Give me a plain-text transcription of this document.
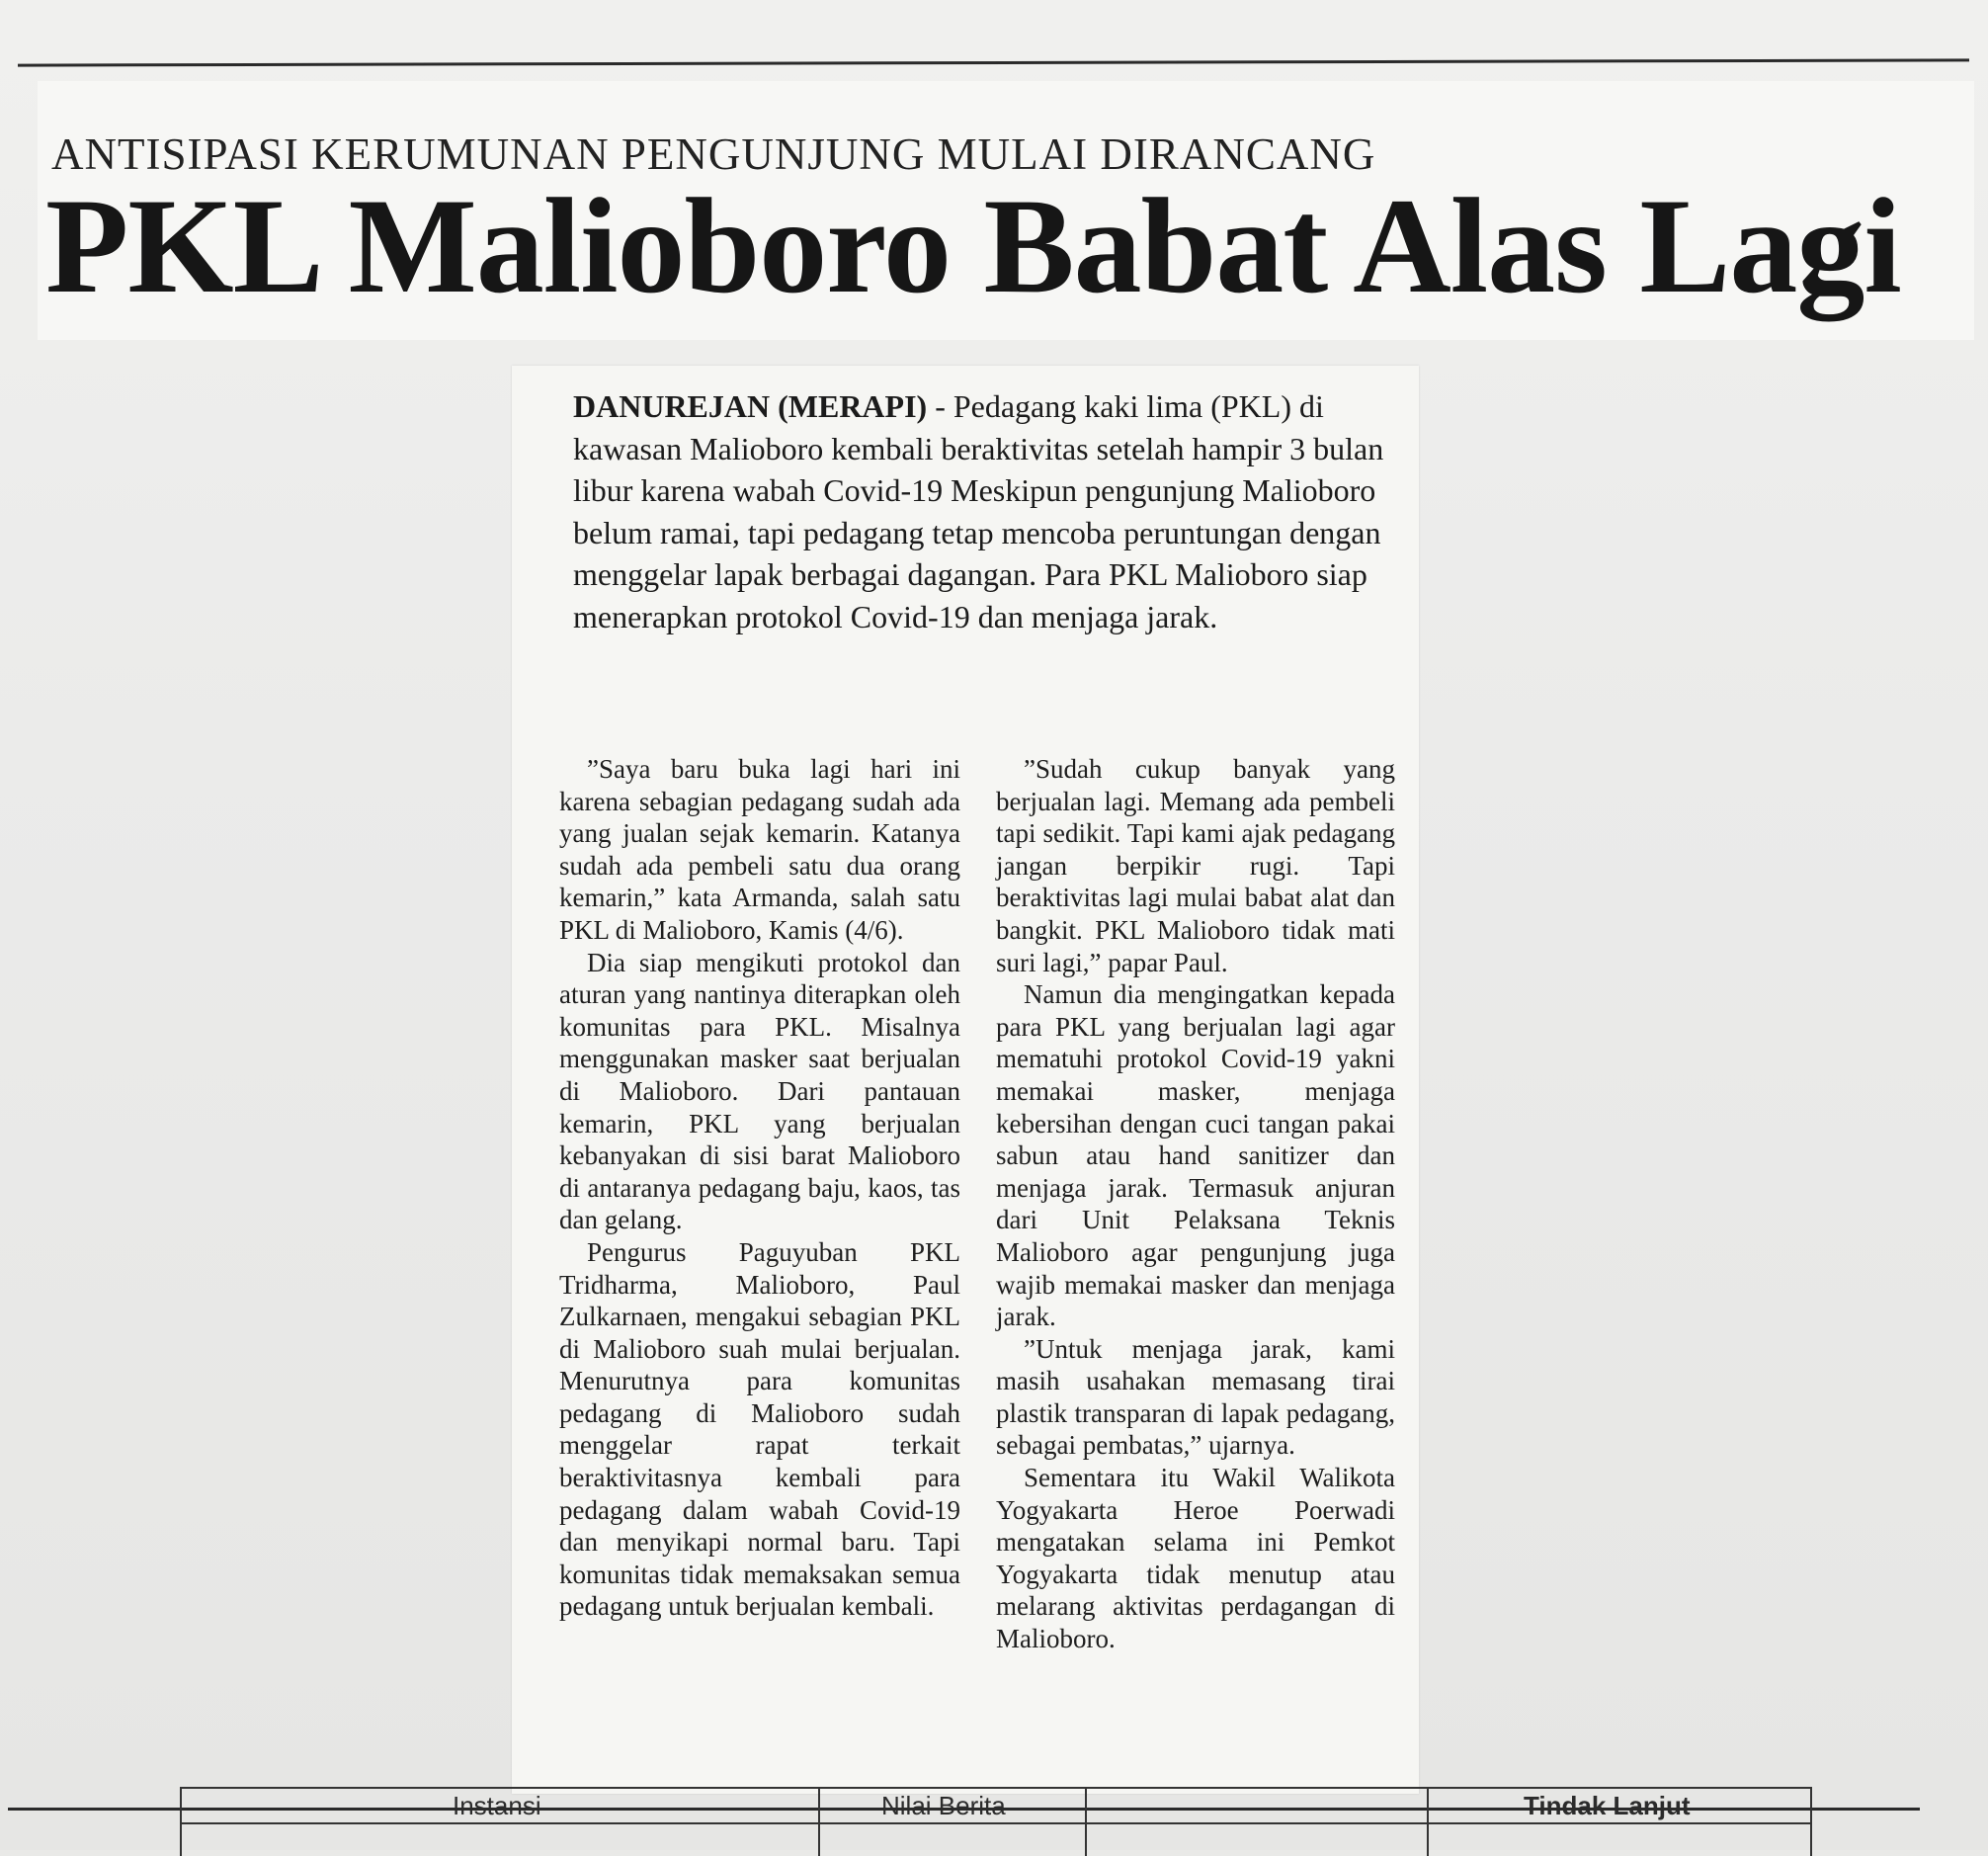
ANTISIPASI KERUMUNAN PENGUNJUNG MULAI DIRANCANG
PKL Malioboro Babat Alas Lagi
DANUREJAN (MERAPI) - Pedagang kaki lima (PKL) di kawasan Malioboro kembali beraktivitas setelah hampir 3 bulan libur karena wabah Covid-19 Meskipun pengunjung Malioboro belum ramai, tapi pedagang tetap mencoba peruntungan dengan menggelar lapak berbagai dagangan. Para PKL Malioboro siap menerapkan protokol Covid-19 dan menjaga jarak.

”Saya baru buka lagi hari ini karena sebagian pedagang sudah ada yang jualan sejak kemarin. Katanya sudah ada pembeli satu dua orang kemarin,” kata Armanda, salah satu PKL di Malioboro, Kamis (4/6).

Dia siap mengikuti protokol dan aturan yang nantinya diterapkan oleh komunitas para PKL. Misalnya menggunakan masker saat berjualan di Malioboro. Dari pantauan kemarin, PKL yang berjualan kebanyakan di sisi barat Malioboro di antaranya pedagang baju, kaos, tas dan gelang.

Pengurus Paguyuban PKL Tridharma, Malioboro, Paul Zulkarnaen, mengakui sebagian PKL di Malioboro suah mulai berjualan. Menurutnya para komunitas pedagang di Malioboro sudah menggelar rapat terkait beraktivitasnya kembali para pedagang dalam wabah Covid-19 dan menyikapi normal baru. Tapi komunitas tidak memaksakan semua pedagang untuk berjualan kembali.

”Sudah cukup banyak yang berjualan lagi. Memang ada pembeli tapi sedikit. Tapi kami ajak pedagang jangan berpikir rugi. Tapi beraktivitas lagi mulai babat alat dan bangkit. PKL Malioboro tidak mati suri lagi,” papar Paul.

Namun dia mengingatkan kepada para PKL yang berjualan lagi agar mematuhi protokol Covid-19 yakni memakai masker, menjaga kebersihan dengan cuci tangan pakai sabun atau hand sanitizer dan menjaga jarak. Termasuk anjuran dari Unit Pelaksana Teknis Malioboro agar pengunjung juga wajib memakai masker dan menjaga jarak.

”Untuk menjaga jarak, kami masih usahakan memasang tirai plastik transparan di lapak pedagang, sebagai pembatas,” ujarnya.

Sementara itu Wakil Walikota Yogyakarta Heroe Poerwadi mengatakan selama ini Pemkot Yogyakarta tidak menutup atau melarang aktivitas perdagangan di Malioboro.

Instansi	Nilai Berita	Tindak Lanjut
